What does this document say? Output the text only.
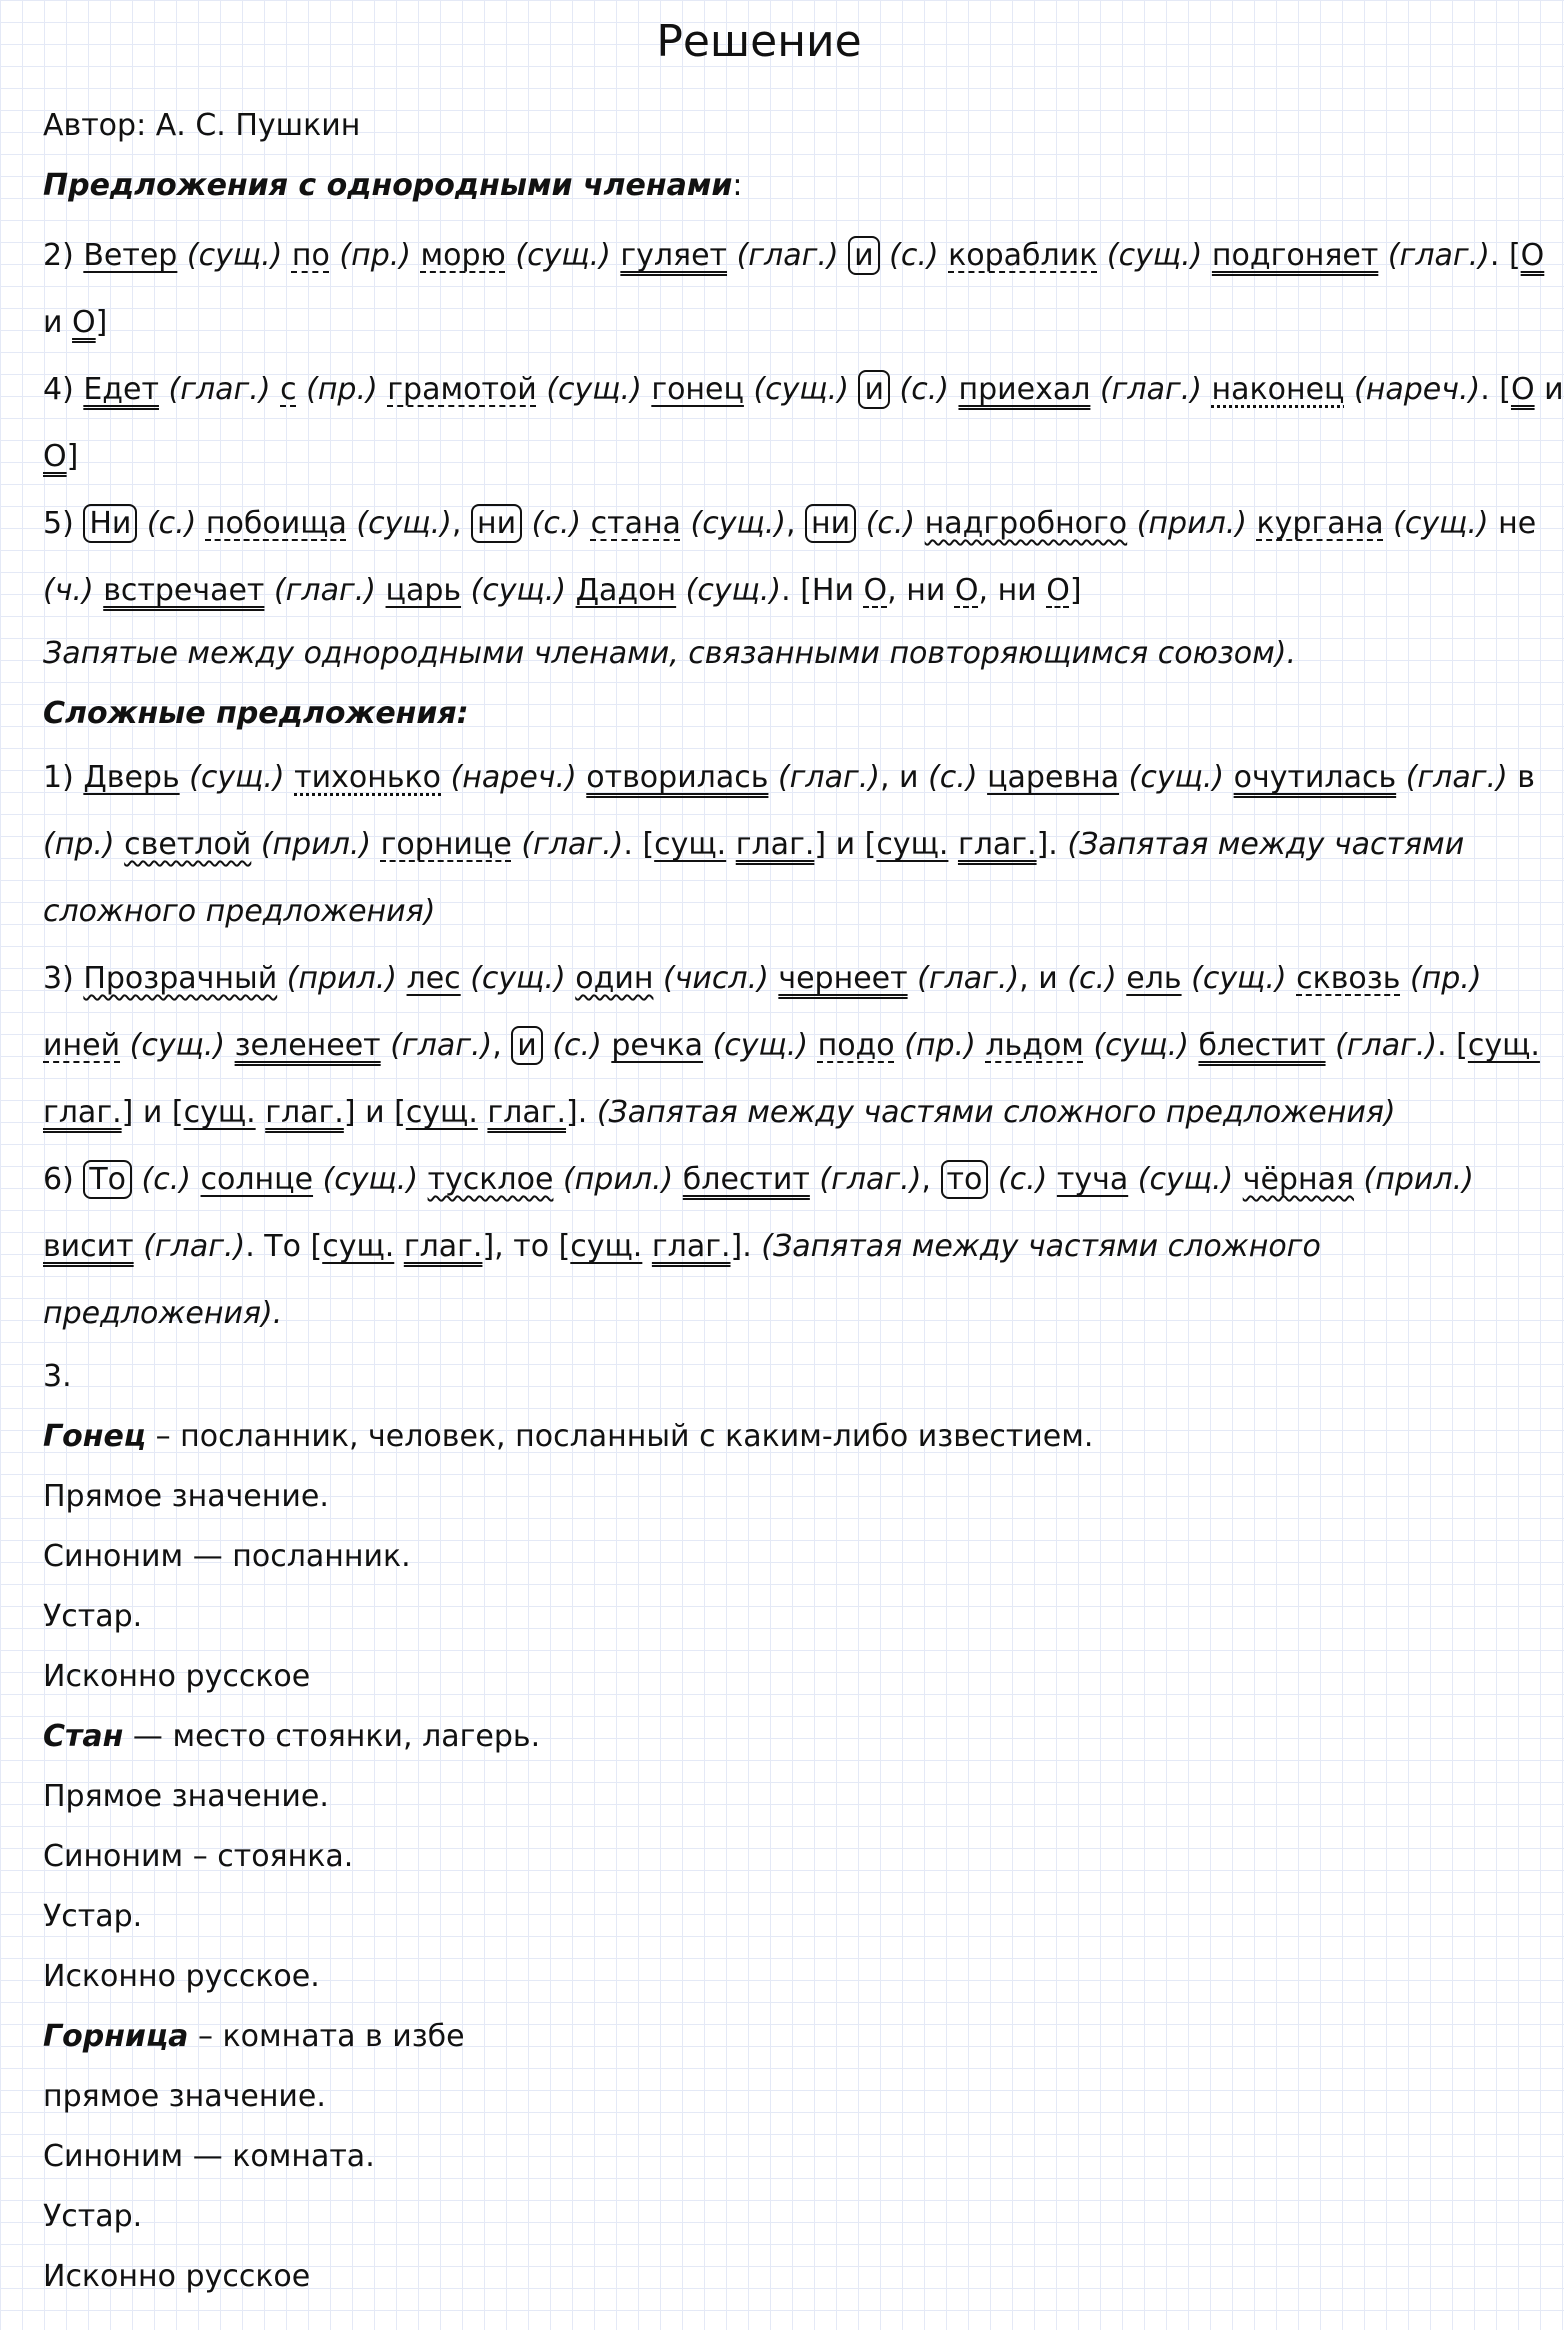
Решение
Автор: А. С. Пушкин
Предложения с однородными членами:
2) Ветер (сущ.) по (пр.) морю (сущ.) гуляет (глаг.) и (с.) кораблик (сущ.) подгоняет (глаг.). [O
и O]
4) Едет (глаг.) с (пр.) грамотой (сущ.) гонец (сущ.) и (с.) приехал (глаг.) наконец (нареч.). [O и
O]
5) Ни (с.) побоища (сущ.), ни (с.) стана (сущ.), ни (с.) надгробного (прил.) кургана (сущ.) не
(ч.) встречает (глаг.) царь (сущ.) Дадон (сущ.). [Ни O, ни O, ни O]
Запятые между однородными членами, связанными повторяющимся союзом).
Сложные предложения:
1) Дверь (сущ.) тихонько (нареч.) отворилась (глаг.), и (с.) царевна (сущ.) очутилась (глаг.) в
(пр.) светлой (прил.) горнице (глаг.). [сущ. глаг.] и [сущ. глаг.]. (Запятая между частями
сложного предложения)
3) Прозрачный (прил.) лес (сущ.) один (числ.) чернеет (глаг.), и (с.) ель (сущ.) сквозь (пр.)
иней (сущ.) зеленеет (глаг.), и (с.) речка (сущ.) подо (пр.) льдом (сущ.) блестит (глаг.). [сущ.
глаг.] и [сущ. глаг.] и [сущ. глаг.]. (Запятая между частями сложного предложения)
6) То (с.) солнце (сущ.) тусклое (прил.) блестит (глаг.), то (с.) туча (сущ.) чёрная (прил.)
висит (глаг.). То [сущ. глаг.], то [сущ. глаг.]. (Запятая между частями сложного
предложения).
3.
Гонец – посланник, человек, посланный с каким-либо известием.
Прямое значение.
Синоним — посланник.
Устар.
Исконно русское
Стан — место стоянки, лагерь.
Прямое значение.
Синоним – стоянка.
Устар.
Исконно русское.
Горница – комната в избе
прямое значение.
Синоним — комната.
Устар.
Исконно русское
